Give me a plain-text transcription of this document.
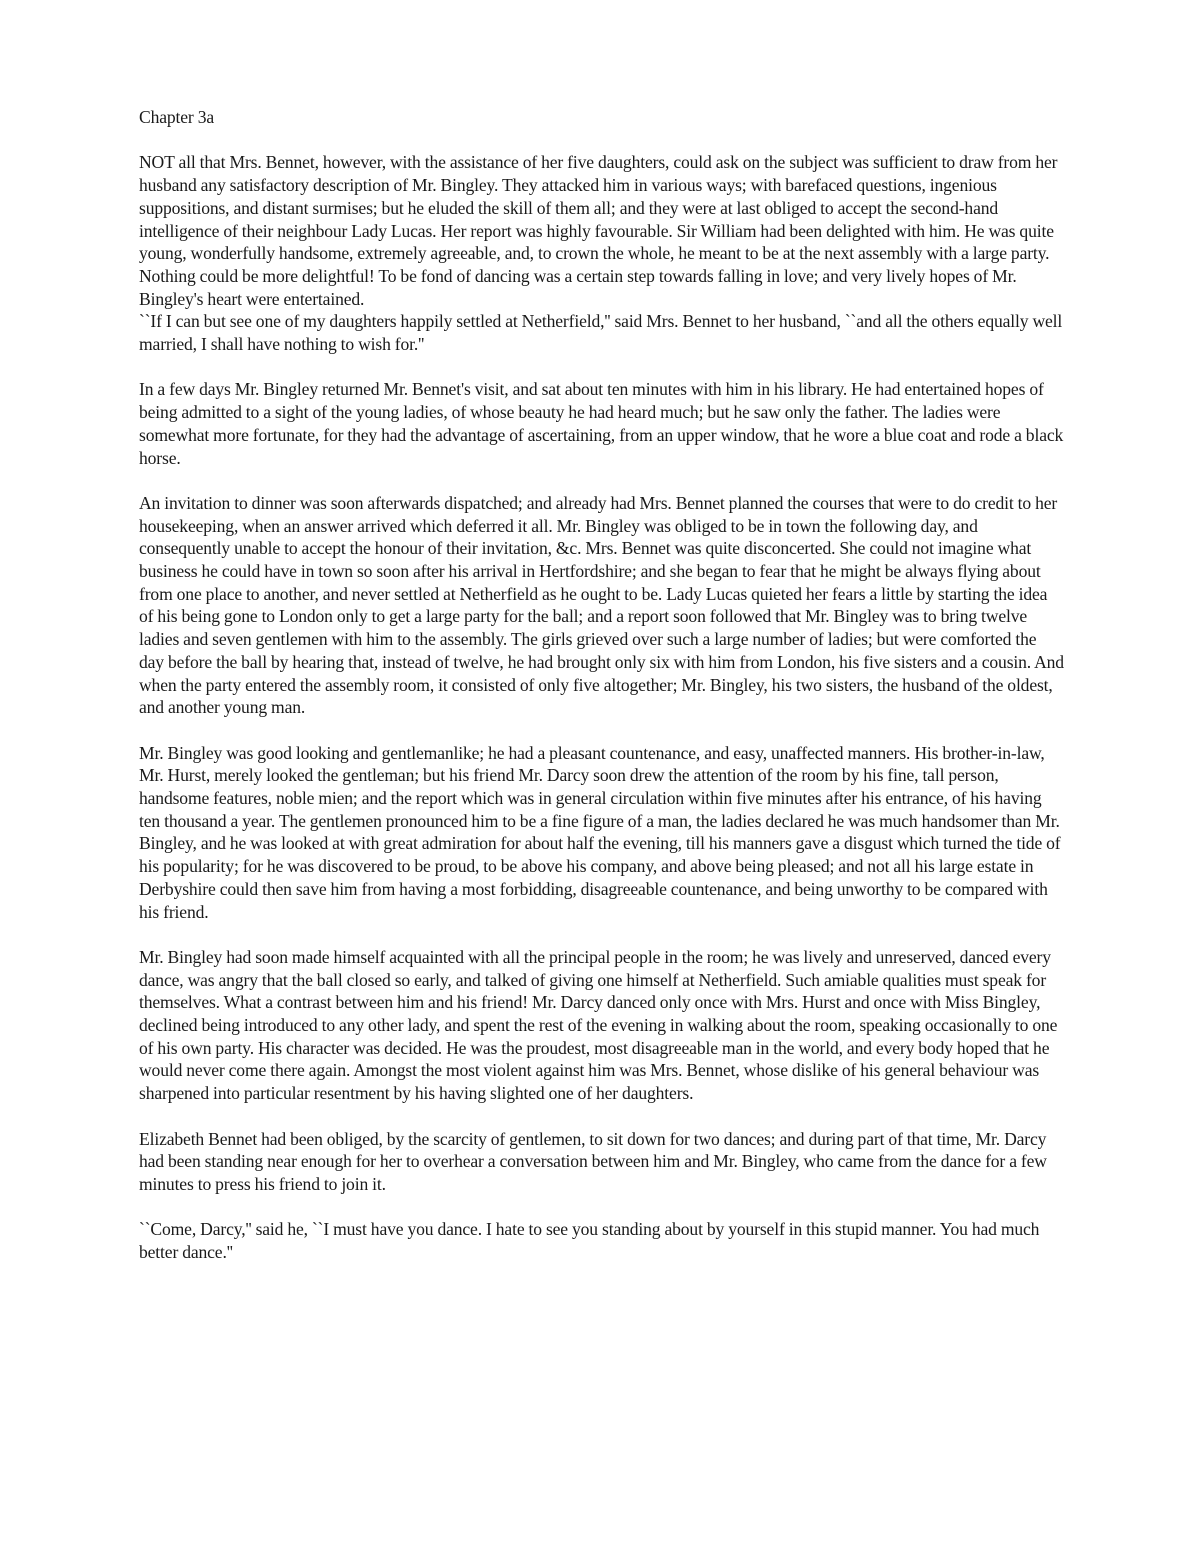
Chapter 3a

NOT all that Mrs. Bennet, however, with the assistance of her five daughters, could ask on the subject was sufficient to draw from her husband any satisfactory description of Mr. Bingley. They attacked him in various ways; with barefaced questions, ingenious suppositions, and distant surmises; but he eluded the skill of them all; and they were at last obliged to accept the second-hand intelligence of their neighbour Lady Lucas. Her report was highly favourable. Sir William had been delighted with him. He was quite young, wonderfully handsome, extremely agreeable, and, to crown the whole, he meant to be at the next assembly with a large party. Nothing could be more delightful! To be fond of dancing was a certain step towards falling in love; and very lively hopes of Mr. Bingley's heart were entertained.

``If I can but see one of my daughters happily settled at Netherfield,'' said Mrs. Bennet to her husband, ``and all the others equally well married, I shall have nothing to wish for.''

In a few days Mr. Bingley returned Mr. Bennet's visit, and sat about ten minutes with him in his library. He had entertained hopes of being admitted to a sight of the young ladies, of whose beauty he had heard much; but he saw only the father. The ladies were somewhat more fortunate, for they had the advantage of ascertaining, from an upper window, that he wore a blue coat and rode a black horse.

An invitation to dinner was soon afterwards dispatched; and already had Mrs. Bennet planned the courses that were to do credit to her housekeeping, when an answer arrived which deferred it all. Mr. Bingley was obliged to be in town the following day, and consequently unable to accept the honour of their invitation, &c. Mrs. Bennet was quite disconcerted. She could not imagine what business he could have in town so soon after his arrival in Hertfordshire; and she began to fear that he might be always flying about from one place to another, and never settled at Netherfield as he ought to be. Lady Lucas quieted her fears a little by starting the idea of his being gone to London only to get a large party for the ball; and a report soon followed that Mr. Bingley was to bring twelve ladies and seven gentlemen with him to the assembly. The girls grieved over such a large number of ladies; but were comforted the day before the ball by hearing that, instead of twelve, he had brought only six with him from London, his five sisters and a cousin. And when the party entered the assembly room, it consisted of only five altogether; Mr. Bingley, his two sisters, the husband of the oldest, and another young man.

Mr. Bingley was good looking and gentlemanlike; he had a pleasant countenance, and easy, unaffected manners. His brother-in-law, Mr. Hurst, merely looked the gentleman; but his friend Mr. Darcy soon drew the attention of the room by his fine, tall person, handsome features, noble mien; and the report which was in general circulation within five minutes after his entrance, of his having ten thousand a year. The gentlemen pronounced him to be a fine figure of a man, the ladies declared he was much handsomer than Mr. Bingley, and he was looked at with great admiration for about half the evening, till his manners gave a disgust which turned the tide of his popularity; for he was discovered to be proud, to be above his company, and above being pleased; and not all his large estate in Derbyshire could then save him from having a most forbidding, disagreeable countenance, and being unworthy to be compared with his friend.

Mr. Bingley had soon made himself acquainted with all the principal people in the room; he was lively and unreserved, danced every dance, was angry that the ball closed so early, and talked of giving one himself at Netherfield. Such amiable qualities must speak for themselves. What a contrast between him and his friend! Mr. Darcy danced only once with Mrs. Hurst and once with Miss Bingley, declined being introduced to any other lady, and spent the rest of the evening in walking about the room, speaking occasionally to one of his own party. His character was decided. He was the proudest, most disagreeable man in the world, and every body hoped that he would never come there again. Amongst the most violent against him was Mrs. Bennet, whose dislike of his general behaviour was sharpened into particular resentment by his having slighted one of her daughters.

Elizabeth Bennet had been obliged, by the scarcity of gentlemen, to sit down for two dances; and during part of that time, Mr. Darcy had been standing near enough for her to overhear a conversation between him and Mr. Bingley, who came from the dance for a few minutes to press his friend to join it.

``Come, Darcy,'' said he, ``I must have you dance. I hate to see you standing about by yourself in this stupid manner. You had much better dance.''
